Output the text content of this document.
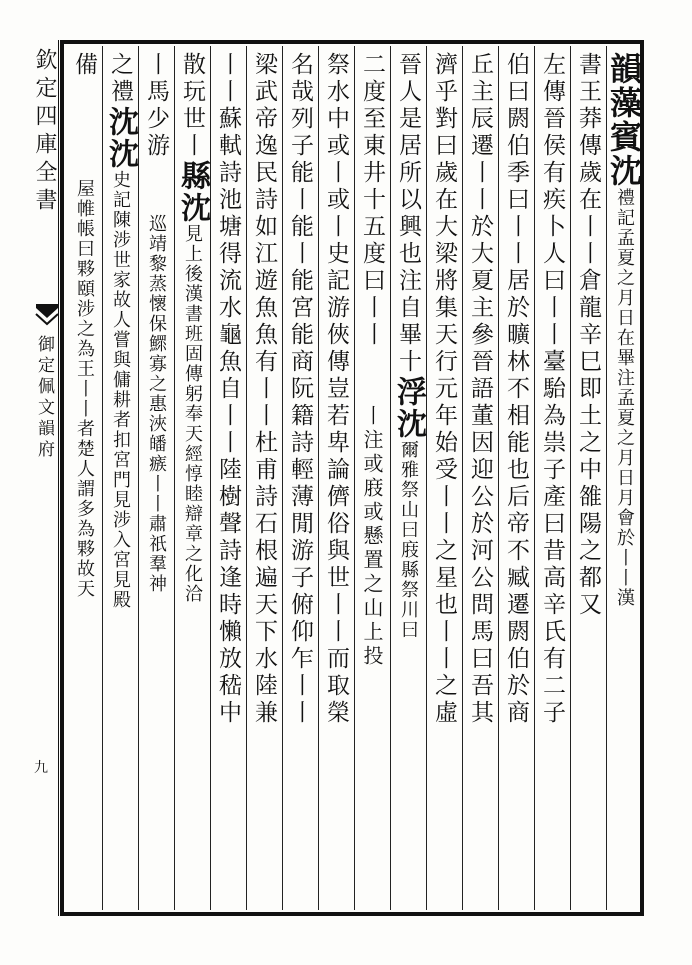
欽定四庫全書
御定佩文韻府
九
韻藻賓沈禮記孟夏之月日在畢注孟夏之月日月會於丨丨漢
書王莽傳歲在丨丨倉龍辛巳即土之中雒陽之都又
左傳晉侯有疾卜人曰丨丨臺駘為祟子產曰昔高辛氏有二子
伯曰閼伯季曰丨丨居於曠林不相能也后帝不臧遷閼伯於商
丘主辰遷丨丨於大夏主參晉語董因迎公於河公問馬曰吾其
濟乎對曰歲在大梁將集天行元年始受丨丨之星也丨丨之虛
晉人是居所以興也注自畢十浮沈爾雅祭山曰庪縣祭川曰
二度至東井十五度曰丨丨丨注或庪或懸置之山上投
祭水中或丨或丨史記游俠傳豈若卑論儕俗與世丨丨而取榮
名哉列子能丨能丨能宮能商阮籍詩輕薄閒游子俯仰乍丨丨
梁武帝逸民詩如江遊魚魚有丨丨杜甫詩石根遍天下水陸兼
丨丨蘇軾詩池塘得流水龜魚自丨丨陸樹聲詩逢時懶放嵇中
散玩世丨縣沈見上後漢書班固傳躬奉天經惇睦辯章之化洽
丨馬少游巡靖黎蒸懷保鰥寡之惠浹皤瘯丨丨肅祇羣神
之禮沈沈史記陳涉世家故人嘗與傭耕者扣宮門見涉入宮見殿
備屋帷帳曰夥頤涉之為王丨丨者楚人謂多為夥故天
